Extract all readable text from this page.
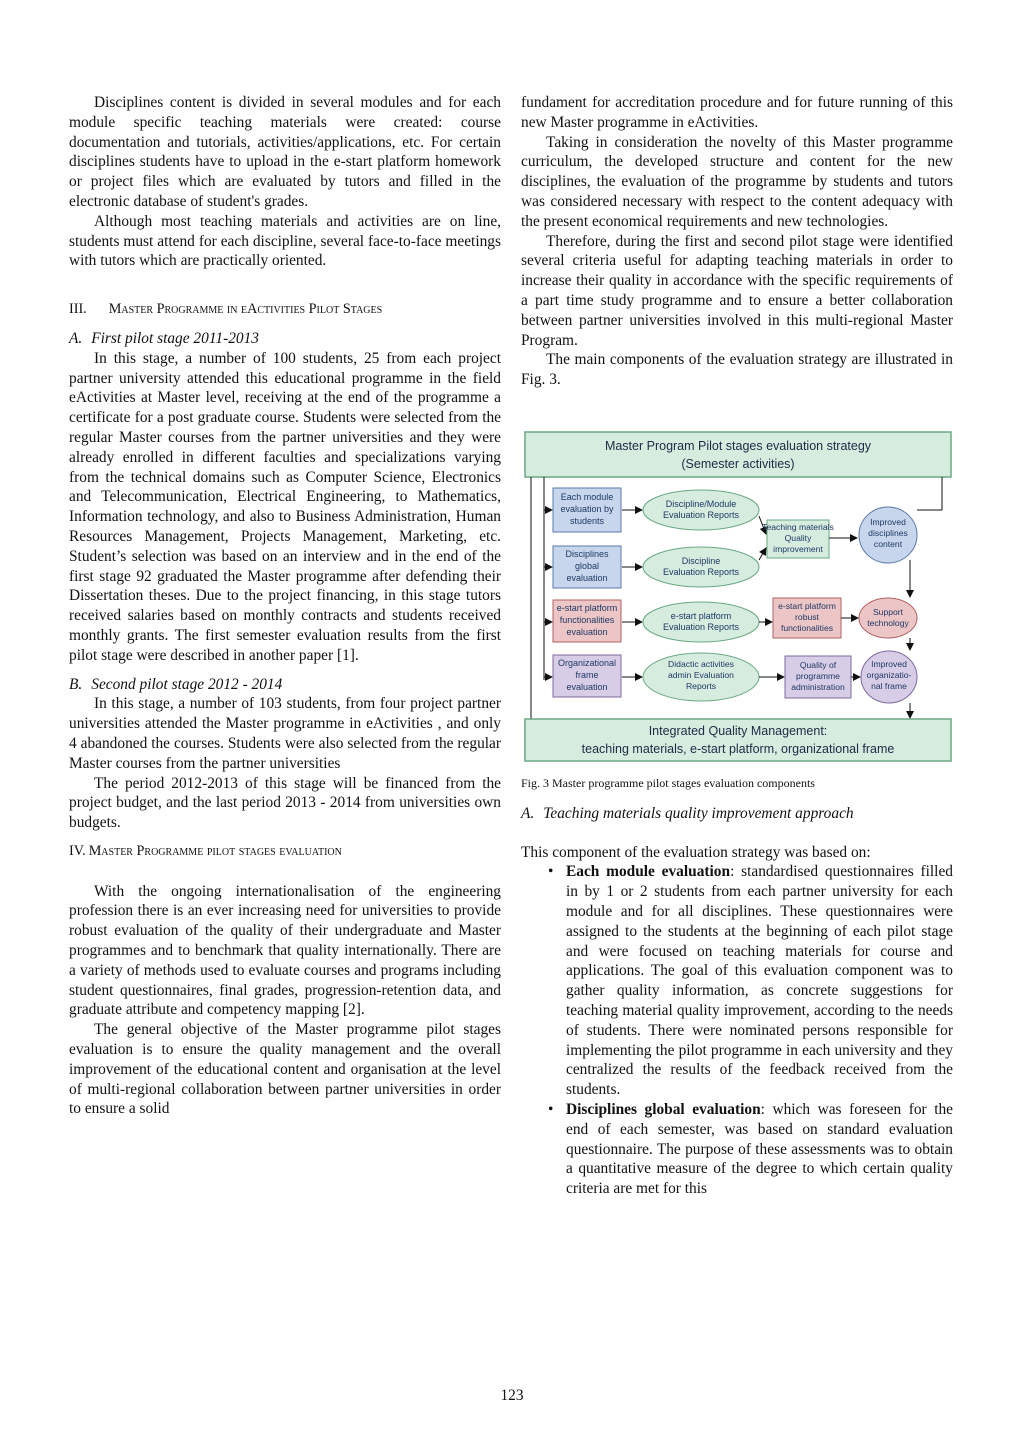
Disciplines content is divided in several modules and for each module specific teaching materials were created: course documentation and tutorials, activities/applications, etc. For certain disciplines students have to upload in the e-start platform homework or project files which are evaluated by tutors and filled in the electronic database of student's grades.

Although most teaching materials and activities are on line, students must attend for each discipline, several face-to-face meetings with tutors which are practically oriented.

III. Master Programme in eActivities Pilot Stages

A. First pilot stage 2011-2013

In this stage, a number of 100 students, 25 from each project partner university attended this educational programme in the field eActivities at Master level, receiving at the end of the programme a certificate for a post graduate course. Students were selected from the regular Master courses from the partner universities and they were already enrolled in different faculties and specializations varying from the technical domains such as Computer Science, Electronics and Telecommunication, Electrical Engineering, to Mathematics, Information technology, and also to Business Administration, Human Resources Management, Projects Management, Marketing, etc. Student’s selection was based on an interview and in the end of the first stage 92 graduated the Master programme after defending their Dissertation theses. Due to the project financing, in this stage tutors received salaries based on monthly contracts and students received monthly grants. The first semester evaluation results from the first pilot stage were described in another paper [1].

B. Second pilot stage 2012 - 2014

In this stage, a number of 103 students, from four project partner universities attended the Master programme in eActivities , and only 4 abandoned the courses. Students were also selected from the regular Master courses from the partner universities

The period 2012-2013 of this stage will be financed from the project budget, and the last period 2013 - 2014 from universities own budgets.

IV. Master Programme pilot stages evaluation

With the ongoing internationalisation of the engineering profession there is an ever increasing need for universities to provide robust evaluation of the quality of their undergraduate and Master programmes and to benchmark that quality internationally. There are a variety of methods used to evaluate courses and programs including student questionnaires, final grades, progression-retention data, and graduate attribute and competency mapping [2].

The general objective of the Master programme pilot stages evaluation is to ensure the quality management and the overall improvement of the educational content and organisation at the level of multi-regional collaboration between partner universities in order to ensure a solid

fundament for accreditation procedure and for future running of this new Master programme in eActivities.

Taking in consideration the novelty of this Master programme curriculum, the developed structure and content for the new disciplines, the evaluation of the programme by students and tutors was considered necessary with respect to the content adequacy with the present economical requirements and new technologies.

Therefore, during the first and second pilot stage were identified several criteria useful for adapting teaching materials in order to increase their quality in accordance with the specific requirements of a part time study programme and to ensure a better collaboration between partner universities involved in this multi-regional Master Program.

The main components of the evaluation strategy are illustrated in Fig. 3.

Master Program Pilot stages evaluation strategy
(Semester activities)
Each module evaluation by students
Discipline/Module Evaluation Reports
Teaching materials Quality improvement
Improved disciplines content
Disciplines global evaluation
Discipline Evaluation Reports
e-start platform functionalities evaluation
e-start platform Evaluation Reports
e-start platform robust functionalities
Support technology
Organizational frame evaluation
Didactic activities admin Evaluation Reports
Quality of programme administration
Improved organizatio-nal frame
Integrated Quality Management:
teaching materials, e-start platform, organizational frame

Fig. 3 Master programme pilot stages evaluation components

A. Teaching materials quality improvement approach

This component of the evaluation strategy was based on:

• Each module evaluation: standardised questionnaires filled in by 1 or 2 students from each partner university for each module and for all disciplines. These questionnaires were assigned to the students at the beginning of each pilot stage and were focused on teaching materials for course and applications. The goal of this evaluation component was to gather quality information, as concrete suggestions for teaching material quality improvement, according to the needs of students. There were nominated persons responsible for implementing the pilot programme in each university and they centralized the results of the feedback received from the students.
• Disciplines global evaluation: which was foreseen for the end of each semester, was based on standard evaluation questionnaire. The purpose of these assessments was to obtain a quantitative measure of the degree to which certain quality criteria are met for this
123
